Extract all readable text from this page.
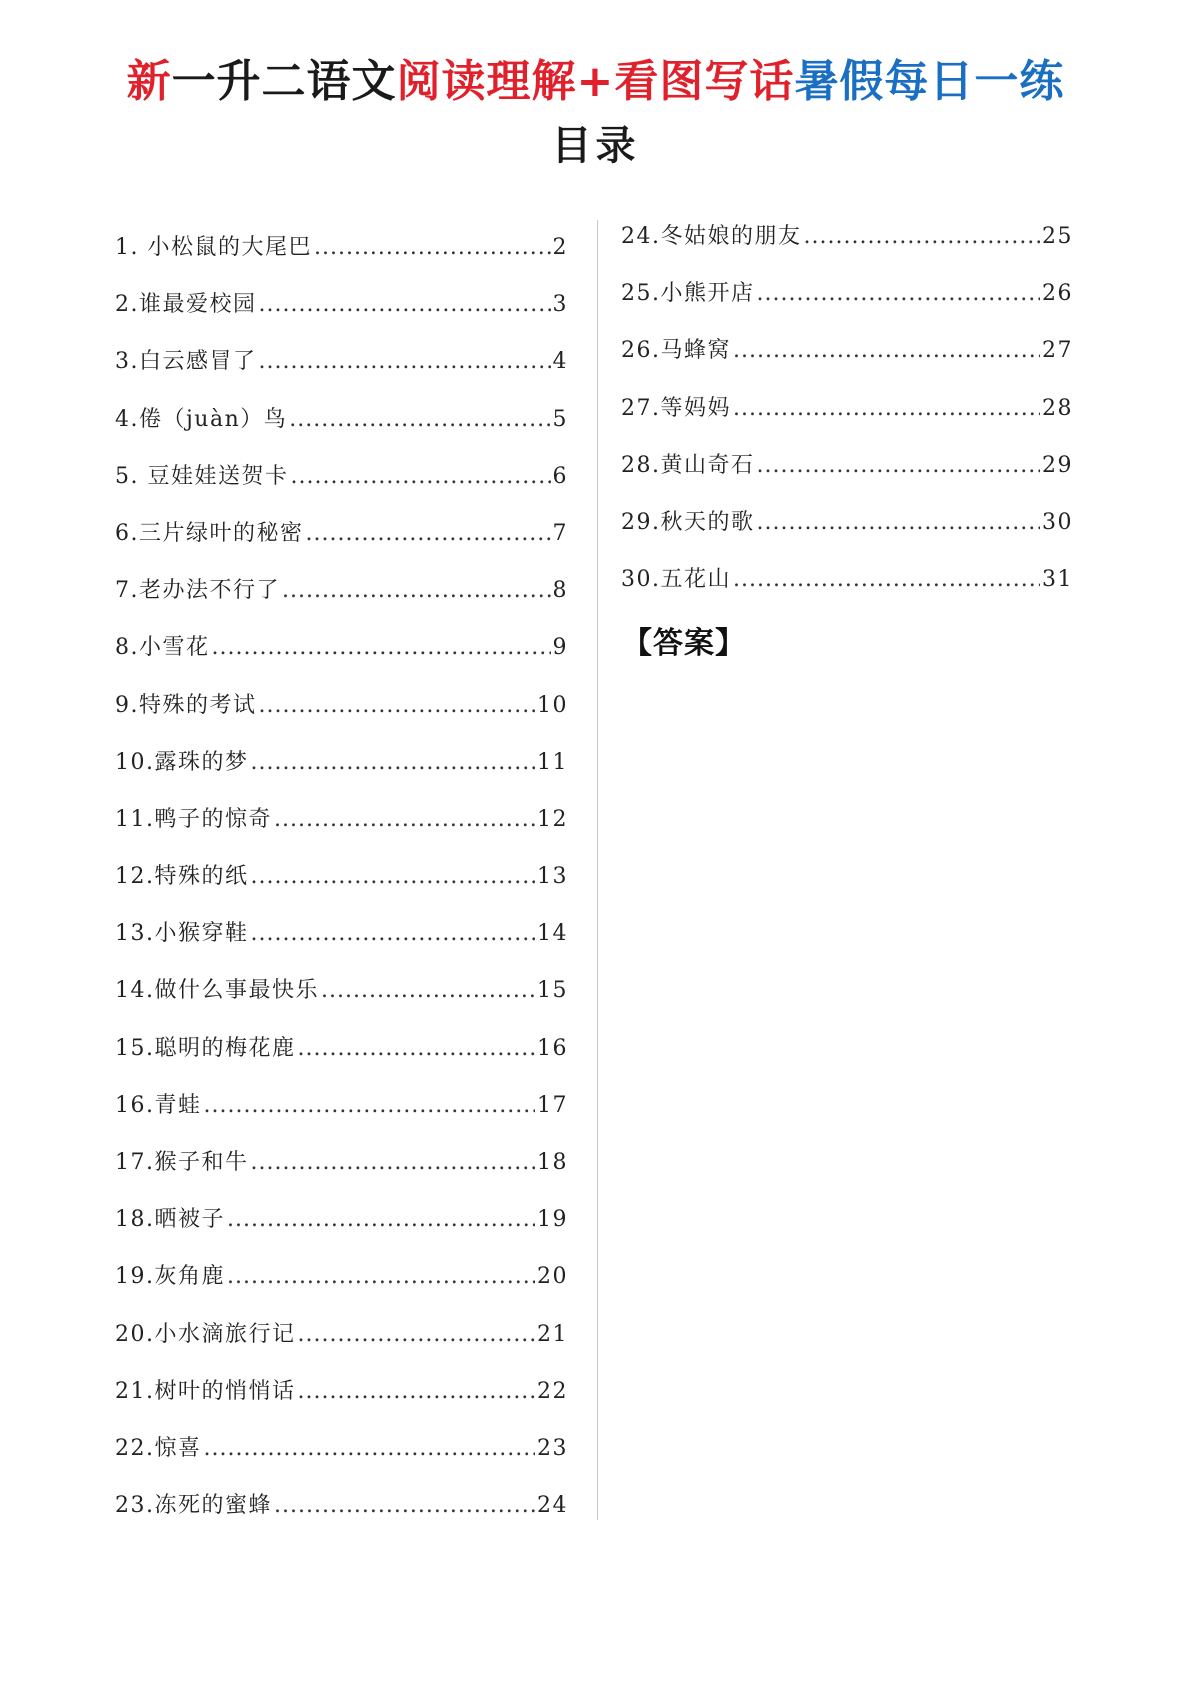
新一升二语文阅读理解+看图写话暑假每日一练
目录
1. 小松鼠的大尾巴 .....	2
2.谁最爱校园 .....	3
3.白云感冒了 .....	4
4.倦（juàn）鸟 .....	5
5. 豆娃娃送贺卡 .....	6
6.三片绿叶的秘密 .....	7
7.老办法不行了 .....	8
8.小雪花 .....	9
9.特殊的考试 .....	10
10.露珠的梦 .....	11
11.鸭子的惊奇 .....	12
12.特殊的纸 .....	13
13.小猴穿鞋 .....	14
14.做什么事最快乐 .....	15
15.聪明的梅花鹿 .....	16
16.青蛙 .....	17
17.猴子和牛 .....	18
18.晒被子 .....	19
19.灰角鹿 .....	20
20.小水滴旅行记 .....	21
21.树叶的悄悄话 .....	22
22.惊喜 .....	23
23.冻死的蜜蜂 .....	24
24.冬姑娘的朋友 .....	25
25.小熊开店 .....	26
26.马蜂窝 .....	27
27.等妈妈 .....	28
28.黄山奇石 .....	29
29.秋天的歌 .....	30
30.五花山 .....	31
【答案】
